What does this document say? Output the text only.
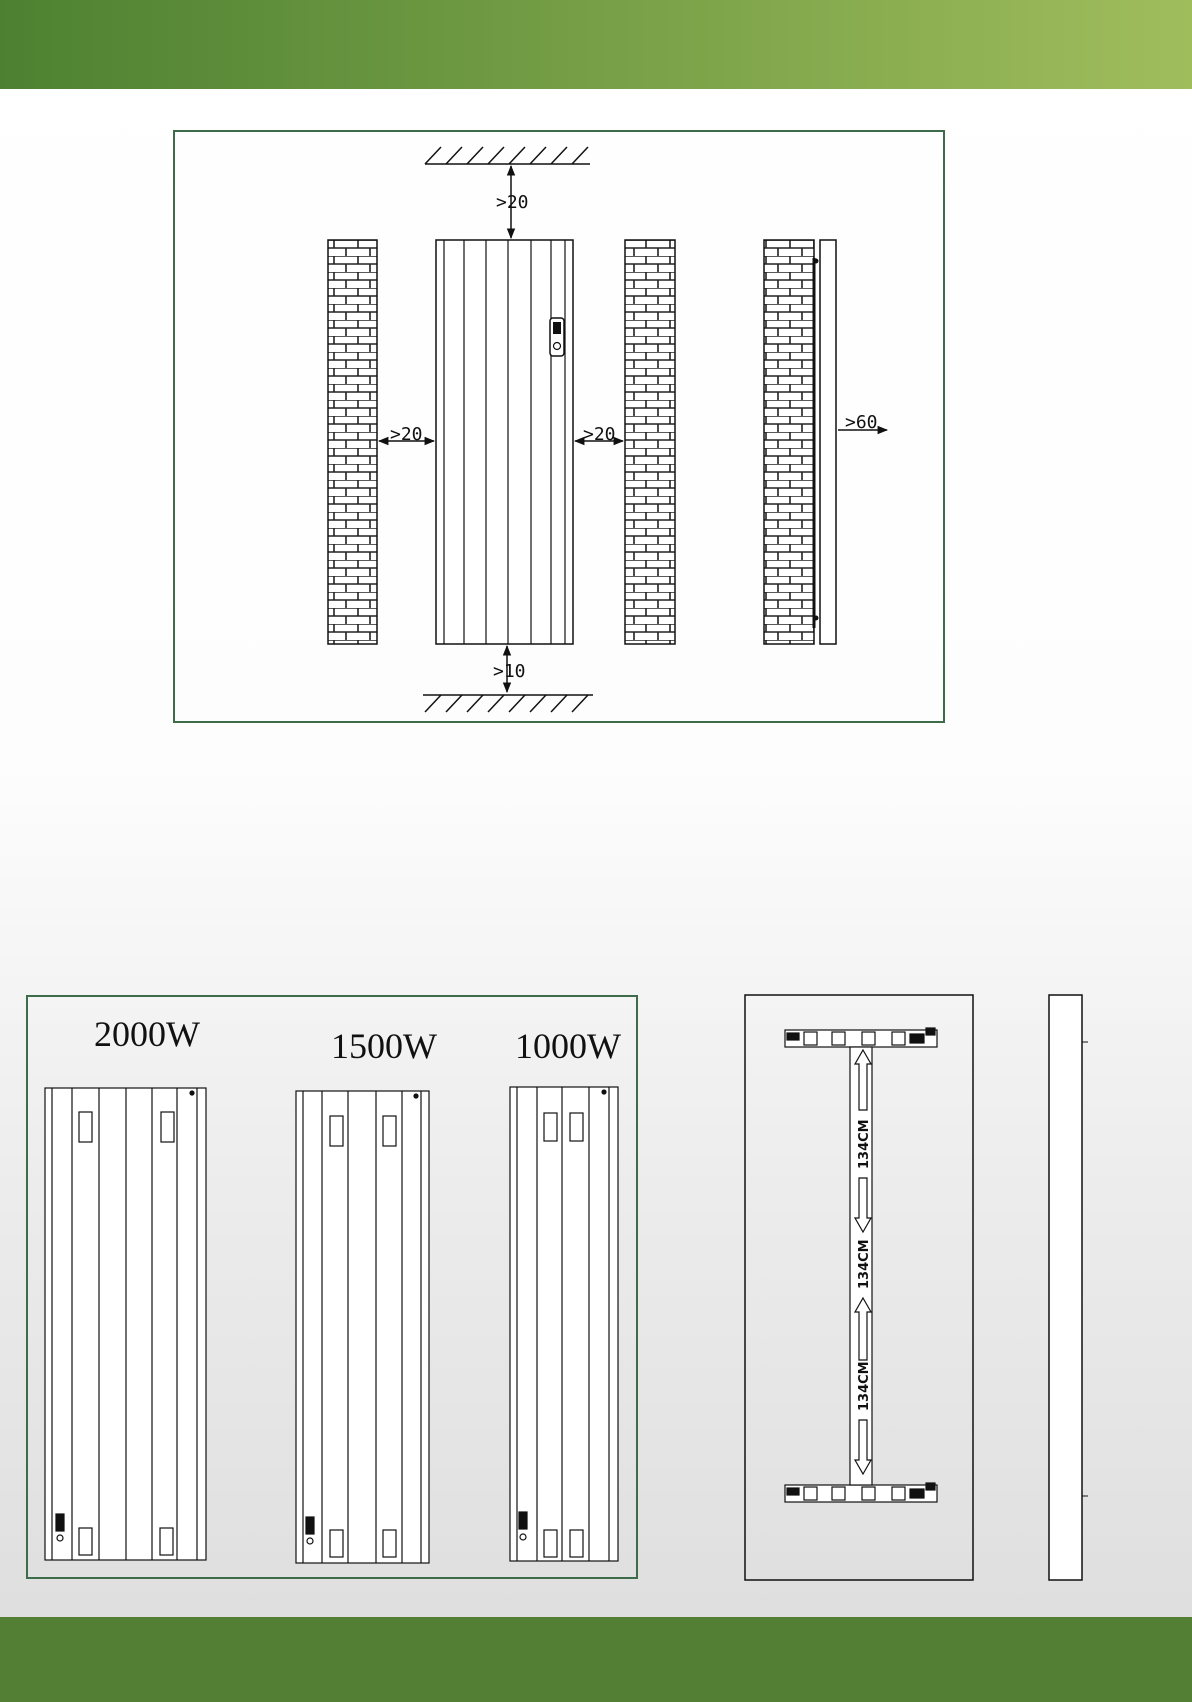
>20
>20	>20
>60
>10
2000W	1500W 1000W
134CM
134CM
134CM
